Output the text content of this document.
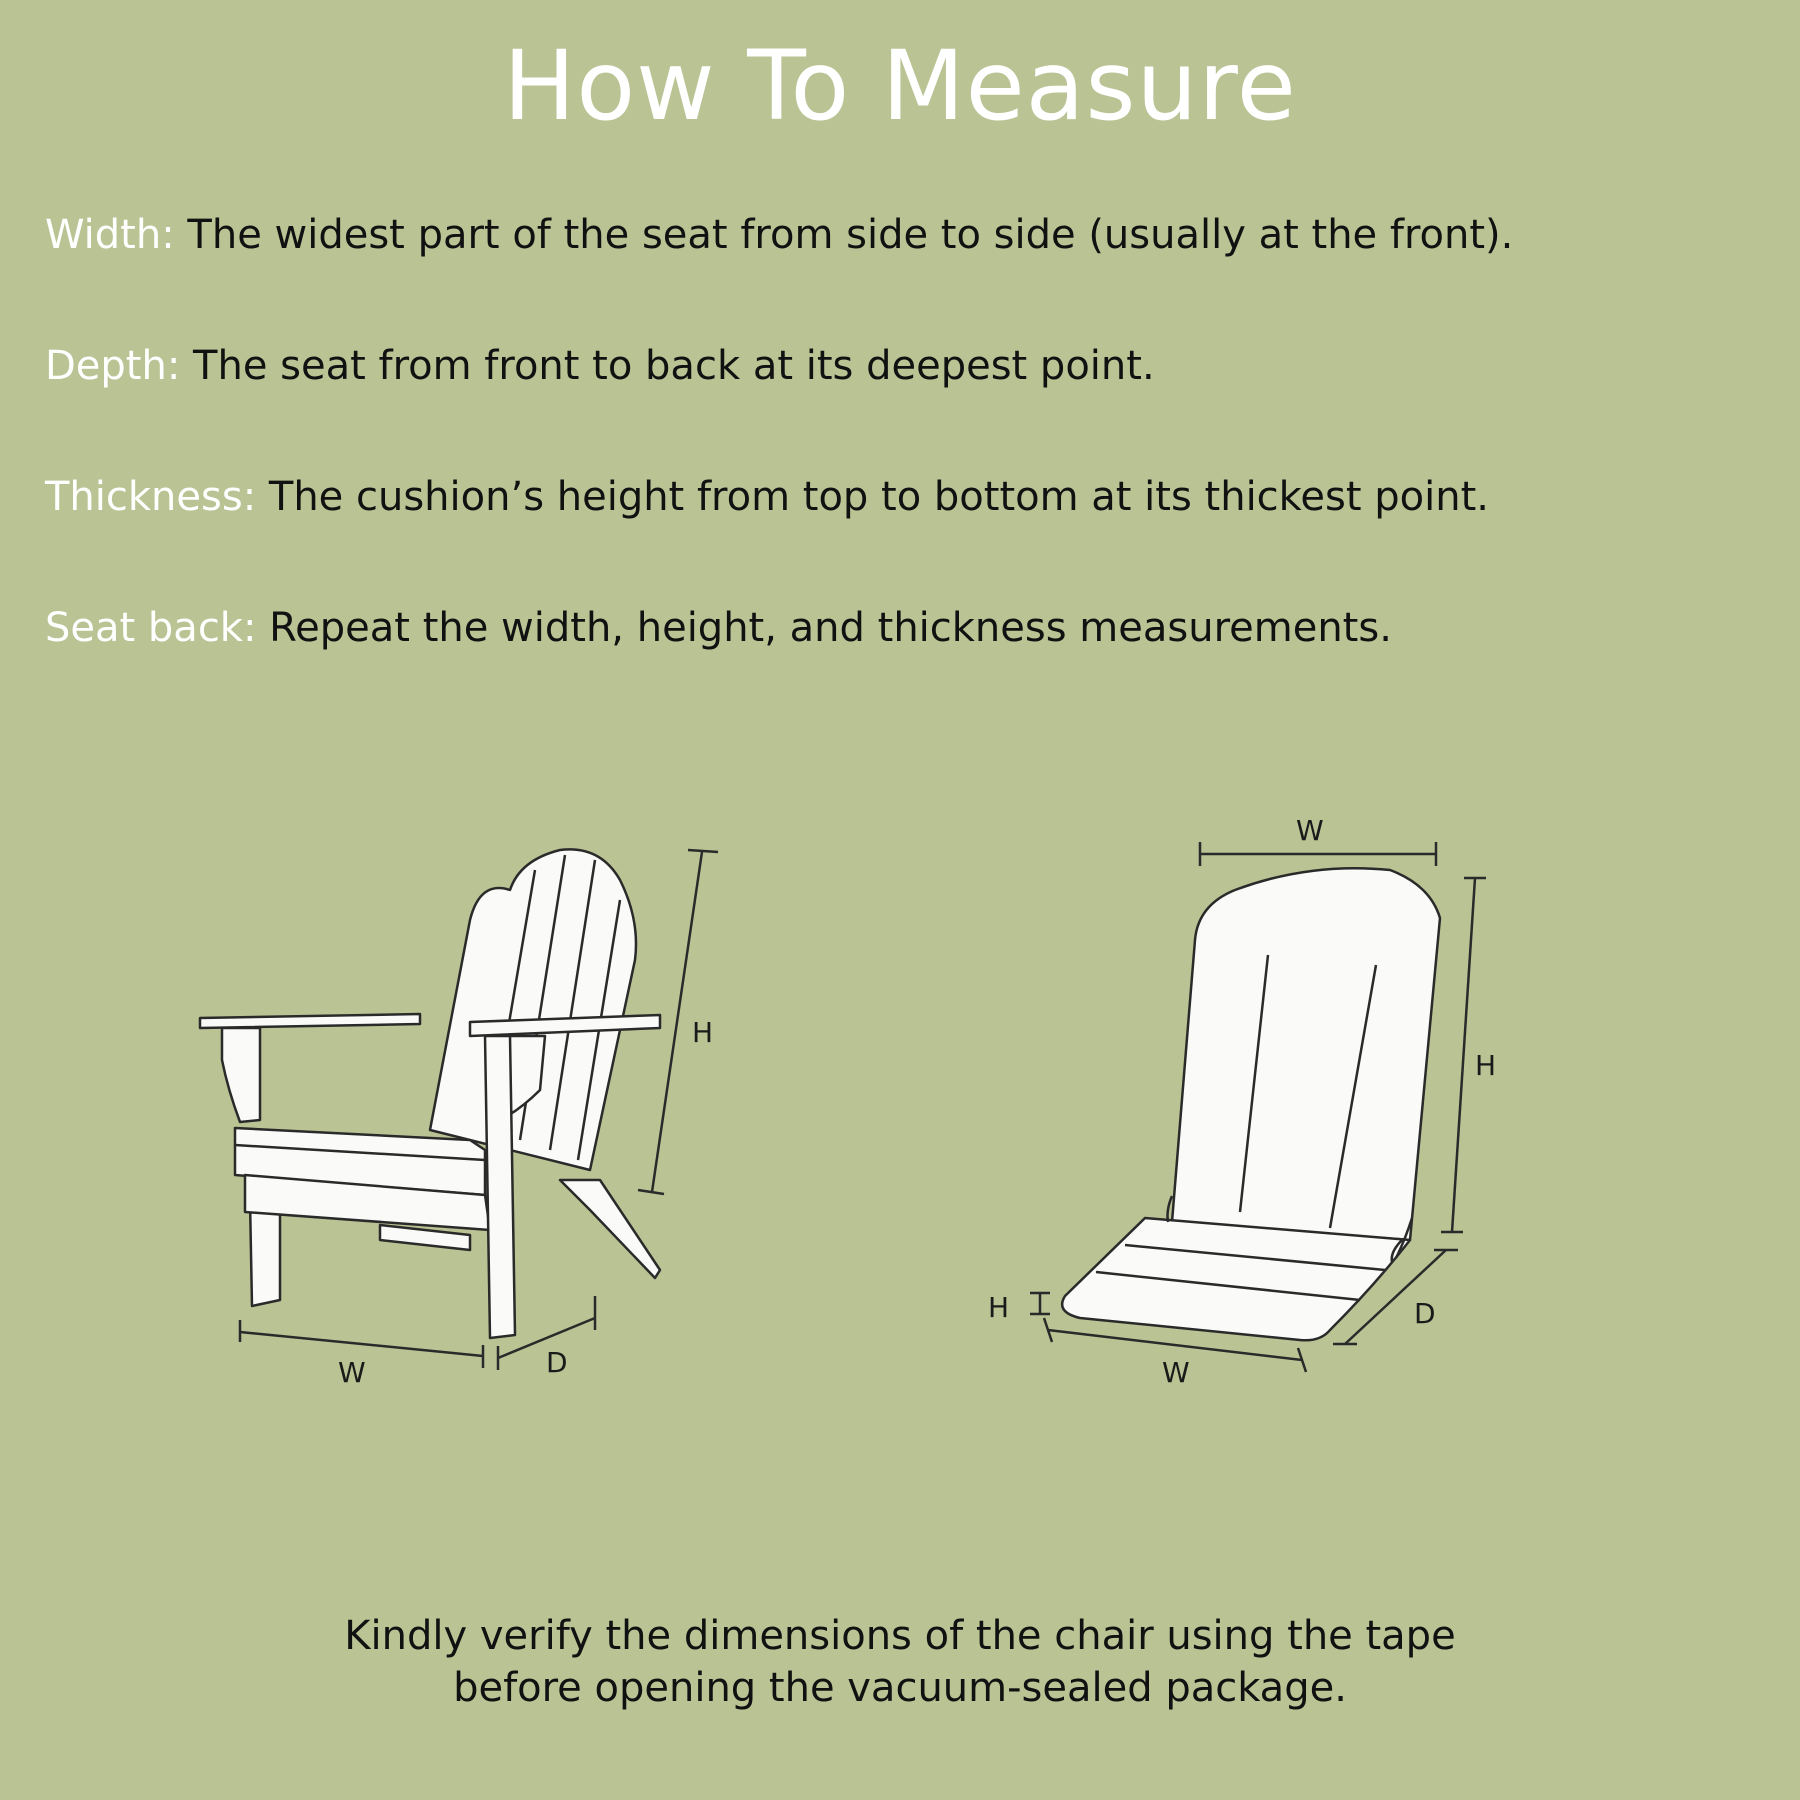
How To Measure
Width: The widest part of the seat from side to side (usually at the front).
Depth: The seat from front to back at its deepest point.
Thickness: The cushion’s height from top to bottom at its thickest point.
Seat back: Repeat the width, height, and thickness measurements.
H
W	D
W
H
H
W
D
Kindly verify the dimensions of the chair using the tape
before opening the vacuum-sealed package.
